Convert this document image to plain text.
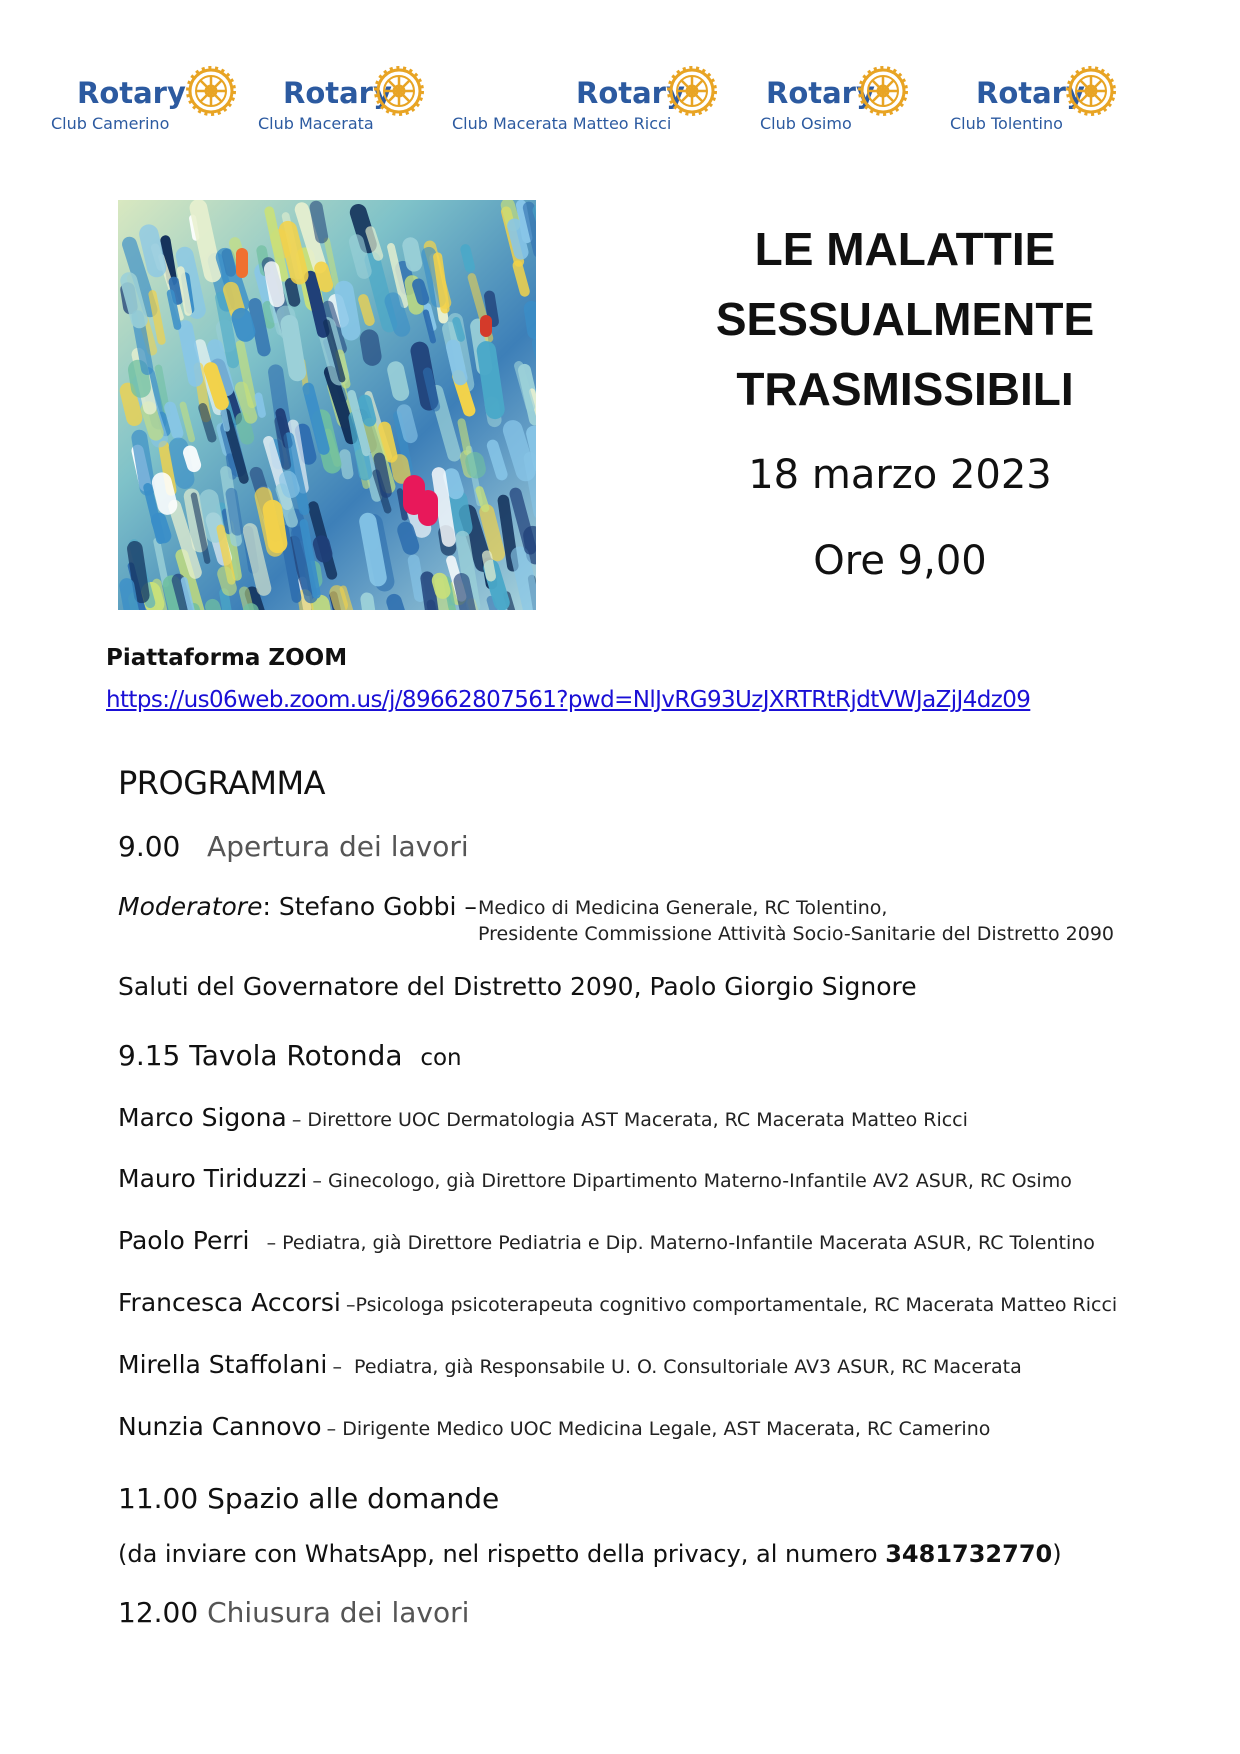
Rotary
Club Camerino
Rotary
Club Macerata
Rotary
Club Macerata Matteo Ricci
Rotary
Club Osimo
Rotary
Club Tolentino
LE MALATTIE
SESSUALMENTE
TRASMISSIBILI
18 marzo 2023
Ore 9,00
Piattaforma ZOOM
https://us06web.zoom.us/j/89662807561?pwd=NlJvRG93UzJXRTRtRjdtVWJaZjJ4dz09
PROGRAMMA
9.00 Apertura dei lavori
Moderatore: Stefano Gobbi – Medico di Medicina Generale, RC Tolentino,
Presidente Commissione Attività Socio-Sanitarie del Distretto 2090
Saluti del Governatore del Distretto 2090, Paolo Giorgio Signore
9.15 Tavola Rotonda con
Marco Sigona – Direttore UOC Dermatologia AST Macerata, RC Macerata Matteo Ricci
Mauro Tiriduzzi – Ginecologo, già Direttore Dipartimento Materno-Infantile AV2 ASUR, RC Osimo
Paolo Perri   – Pediatra, già Direttore Pediatria e Dip. Materno-Infantile Macerata ASUR, RC Tolentino
Francesca Accorsi –Psicologa psicoterapeuta cognitivo comportamentale, RC Macerata Matteo Ricci
Mirella Staffolani –  Pediatra, già Responsabile U. O. Consultoriale AV3 ASUR, RC Macerata
Nunzia Cannovo – Dirigente Medico UOC Medicina Legale, AST Macerata, RC Camerino
11.00 Spazio alle domande
(da inviare con WhatsApp, nel rispetto della privacy, al numero 3481732770)
12.00 Chiusura dei lavori
